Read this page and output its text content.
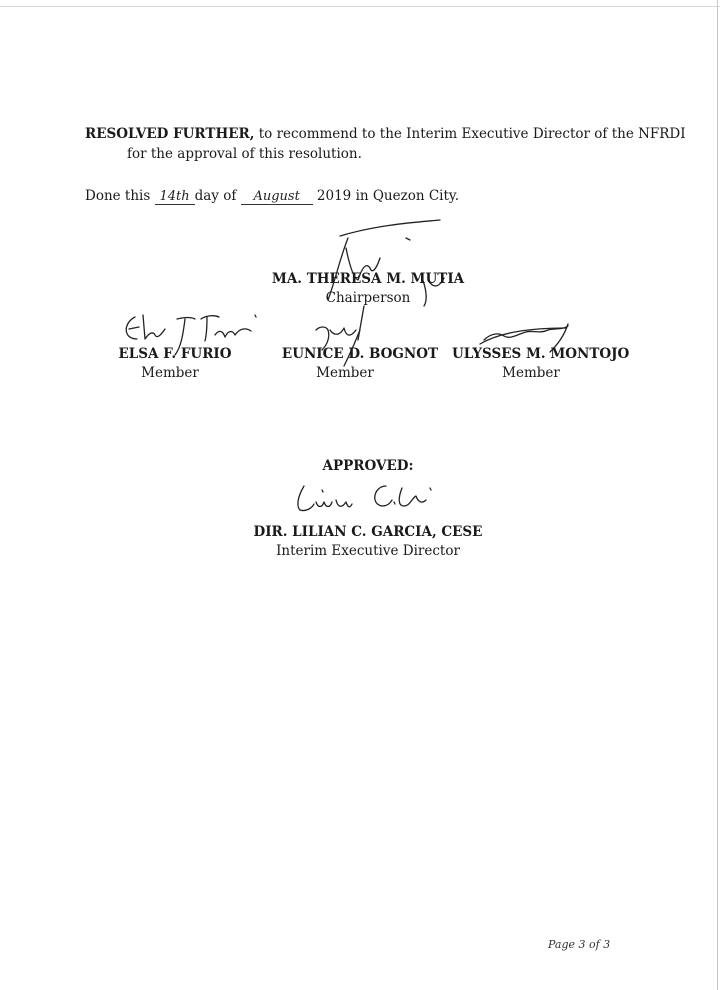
RESOLVED FURTHER, to recommend to the Interim Executive Director of the NFRDI
for the approval of this resolution.
Done this 14th day of August 2019 in Quezon City.
MA. THERESA M. MUTIA
Chairperson
ELSA F. FURIO
Member
EUNICE D. BOGNOT
Member
ULYSSES M. MONTOJO
Member
APPROVED:
DIR. LILIAN C. GARCIA, CESE
Interim Executive Director
Page 3 of 3
